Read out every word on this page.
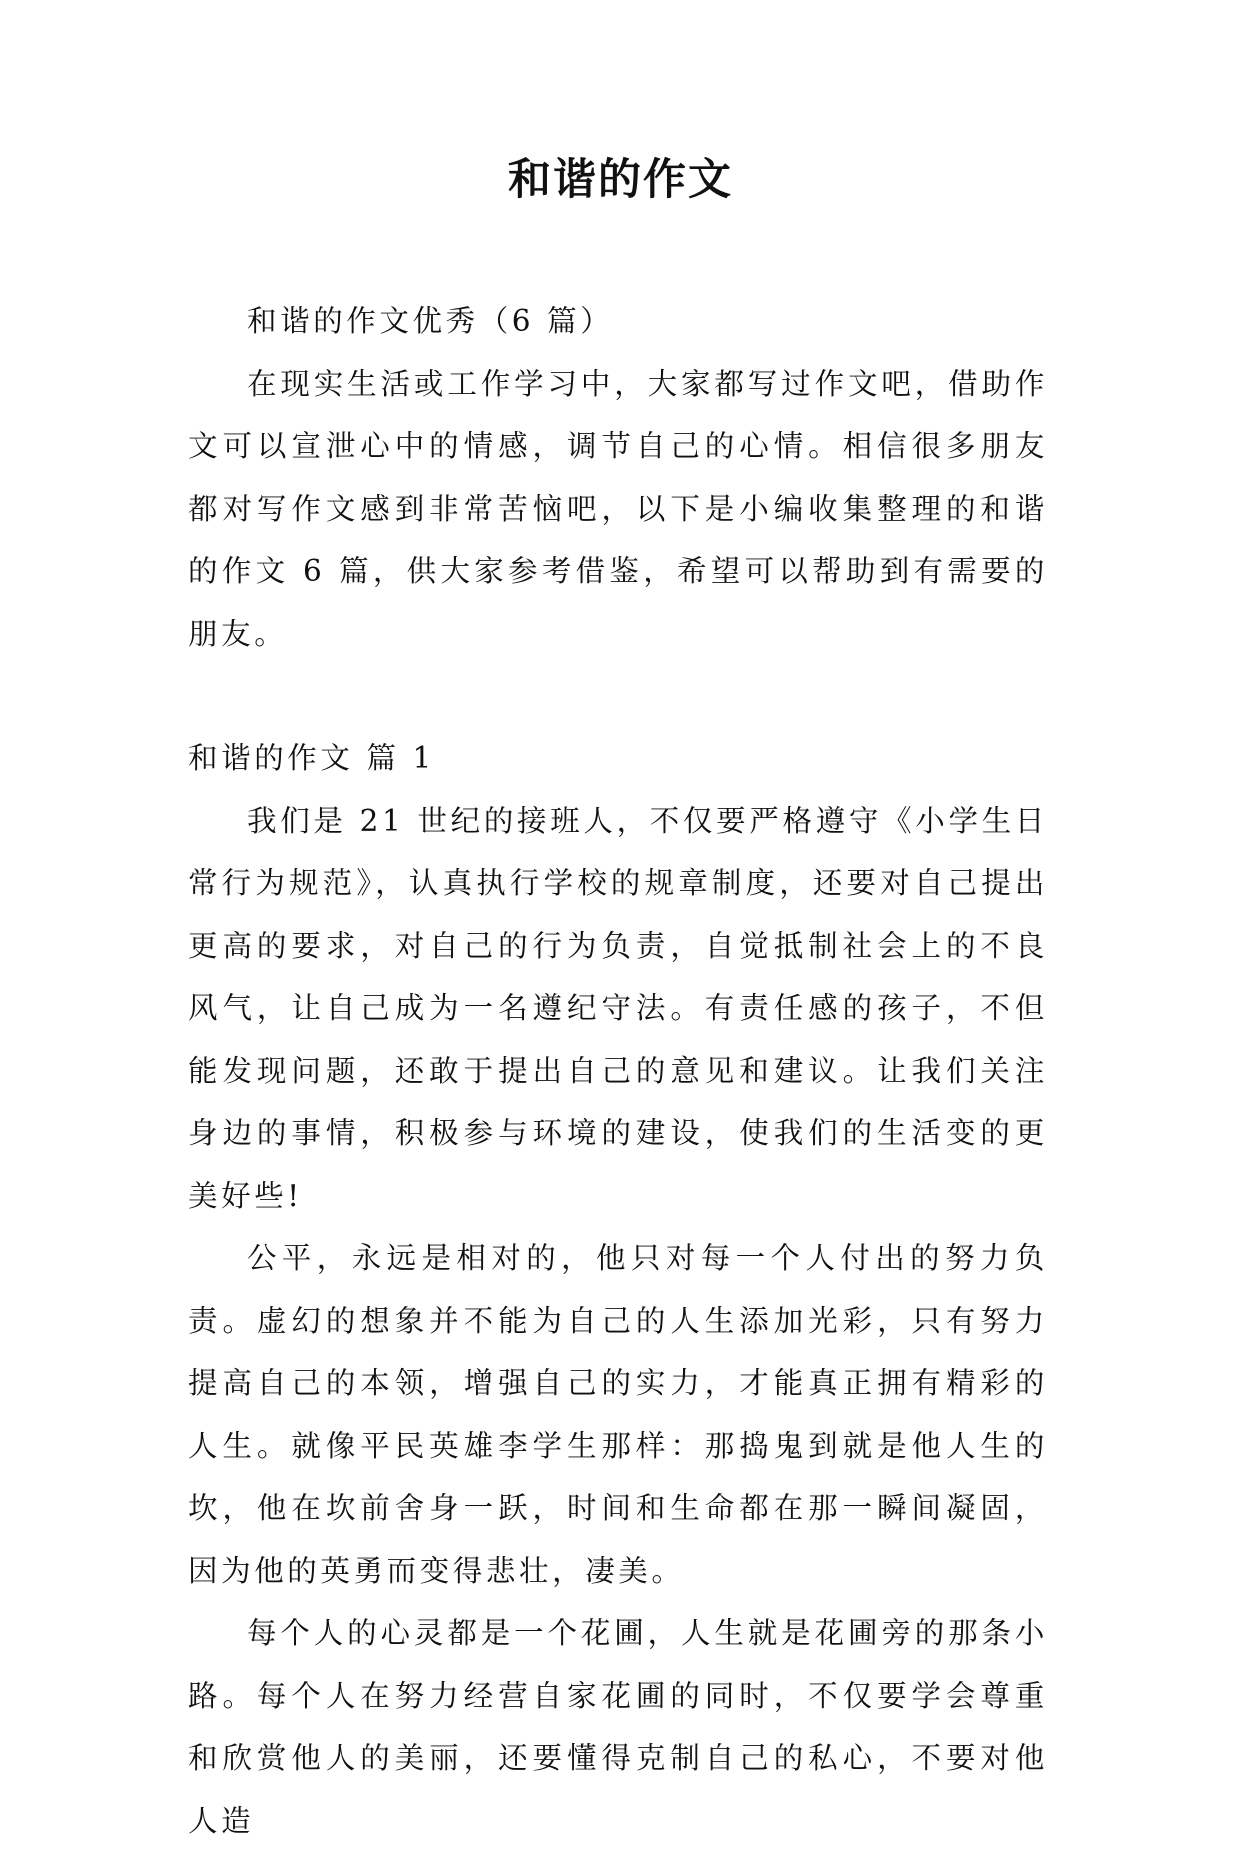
和谐的作文

和谐的作文优秀（6 篇）

在现实生活或工作学习中，大家都写过作文吧，借助作文可以宣泄心中的情感，调节自己的心情。相信很多朋友都对写作文感到非常苦恼吧，以下是小编收集整理的和谐的作文 6 篇，供大家参考借鉴，希望可以帮助到有需要的朋友。

和谐的作文 篇 1

我们是 21 世纪的接班人，不仅要严格遵守《小学生日常行为规范》，认真执行学校的规章制度，还要对自己提出更高的要求，对自己的行为负责，自觉抵制社会上的不良风气，让自己成为一名遵纪守法。有责任感的孩子，不但能发现问题，还敢于提出自己的意见和建议。让我们关注身边的事情，积极参与环境的建设，使我们的生活变的更美好些!

公平，永远是相对的，他只对每一个人付出的努力负责。虚幻的想象并不能为自己的人生添加光彩，只有努力提高自己的本领，增强自己的实力，才能真正拥有精彩的人生。就像平民英雄李学生那样：那捣鬼到就是他人生的坎，他在坎前舍身一跃，时间和生命都在那一瞬间凝固，因为他的英勇而变得悲壮，凄美。

每个人的心灵都是一个花圃，人生就是花圃旁的那条小路。每个人在努力经营自家花圃的同时，不仅要学会尊重和欣赏他人的美丽，还要懂得克制自己的私心，不要对他人造
